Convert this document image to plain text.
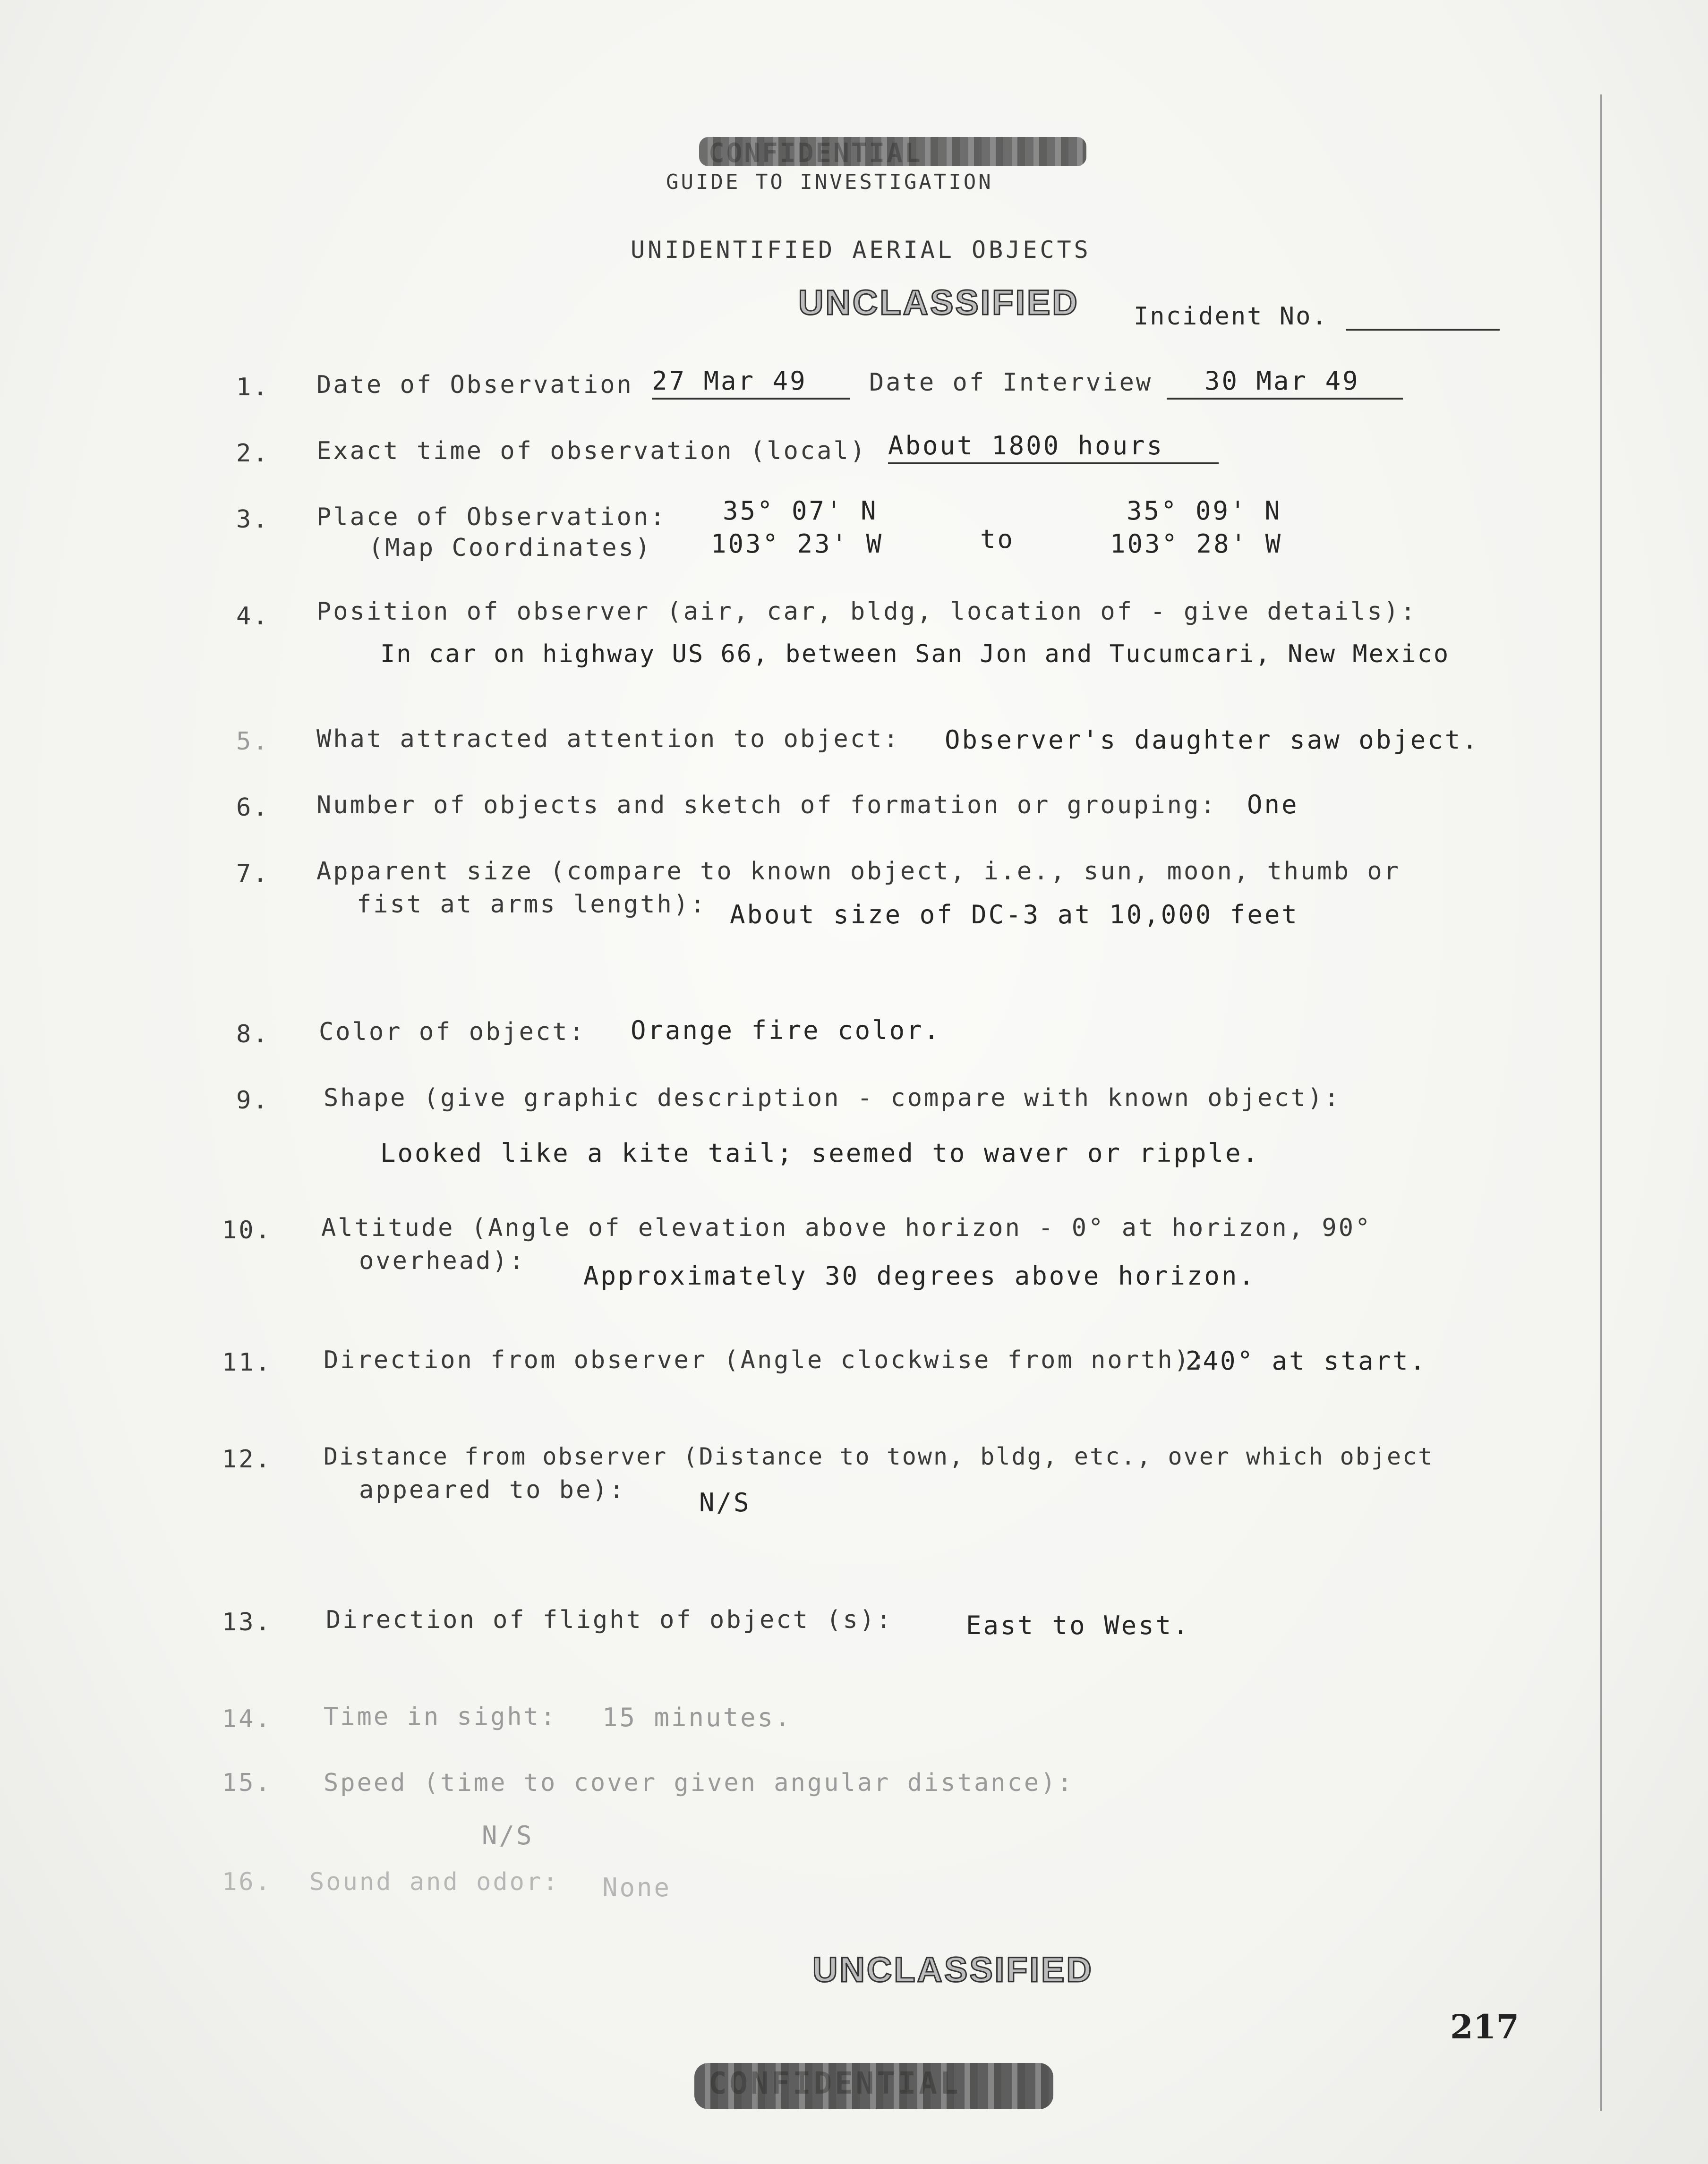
CONFIDENTIAL
GUIDE TO INVESTIGATION
UNIDENTIFIED AERIAL OBJECTS
UNCLASSIFIED Incident No.
1. Date of Observation 27 Mar 49	Date of Interview	30 Mar 49
2. Exact time of observation (local) About 1800 hours
3. Place of Observation:
(Map Coordinates)
35° 07' N
103° 23' W	to
35° 09' N
103° 28' W
4. Position of observer (air, car, bldg, location of - give details):
In car on highway US 66, between San Jon and Tucumcari, New Mexico
5. What attracted attention to object: Observer's daughter saw object.
6. Number of objects and sketch of formation or grouping: One
7. Apparent size (compare to known object, i.e., sun, moon, thumb or
fist at arms length): About size of DC-3 at 10,000 feet
8. Color of object: Orange fire color.
9. Shape (give graphic description - compare with known object):
Looked like a kite tail; seemed to waver or ripple.
10. Altitude (Angle of elevation above horizon - 0° at horizon, 90°
overhead): Approximately 30 degrees above horizon.
11. Direction from observer (Angle clockwise from north):
240° at start.
12. Distance from observer (Distance to town, bldg, etc., over which object
appeared to be):	N/S
13. Direction of flight of object (s):	East to West.
14. Time in sight: 15 minutes.
15. Speed (time to cover given angular distance):
N/S
16. Sound and odor: None
UNCLASSIFIED
217
CONFIDENTIAL
